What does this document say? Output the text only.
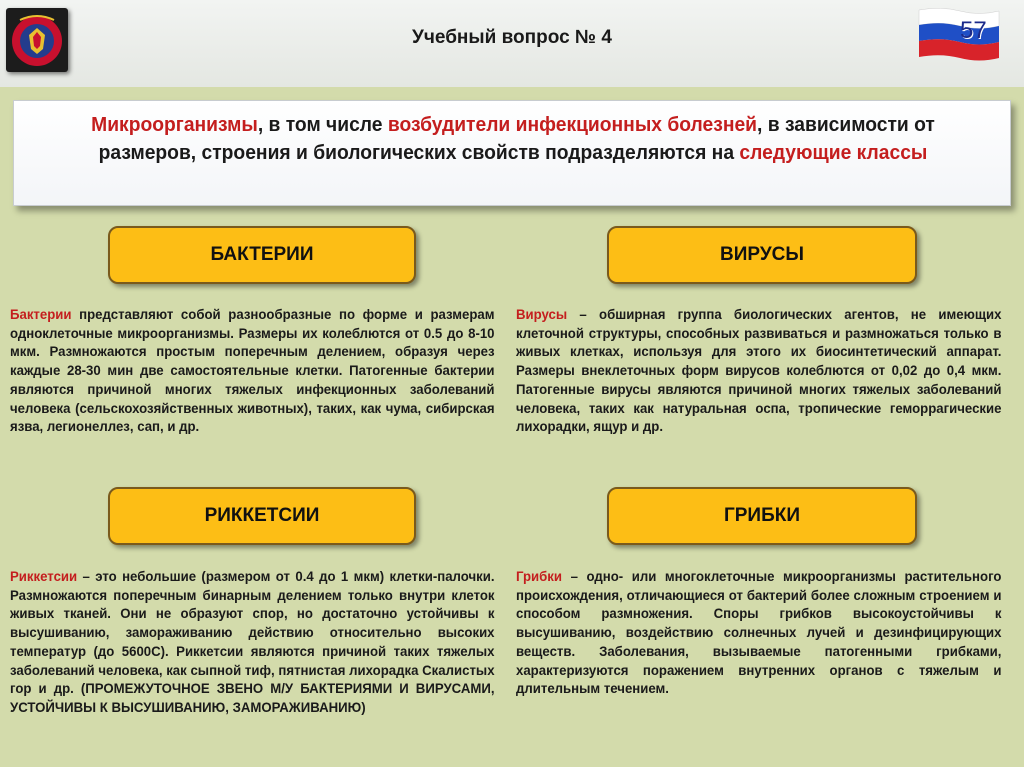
Учебный вопрос № 4	57

Микроорганизмы, в том числе возбудители инфекционных болезней, в зависимости от размеров, строения и биологических свойств подразделяются на следующие классы

БАКТЕРИИ

Бактерии представляют собой разнообразные по форме и размерам одноклеточные микроорганизмы. Размеры их колеблются от 0.5 до 8-10 мкм. Размножаются простым поперечным делением, образуя через каждые 28-30 мин две самостоятельные клетки. Патогенные бактерии являются причиной многих тяжелых инфекционных заболеваний человека (сельскохозяйственных животных), таких, как чума, сибирская язва, легионеллез, сап, и др.

ВИРУСЫ

Вирусы – обширная группа биологических агентов, не имеющих клеточной структуры, способных развиваться и размножаться только в живых клетках, используя для этого их биосинтетический аппарат. Размеры внеклеточных форм вирусов колеблются от 0,02 до 0,4 мкм. Патогенные вирусы являются причиной многих тяжелых заболеваний человека, таких как натуральная оспа, тропические геморрагические лихорадки, ящур и др.

РИККЕТСИИ

Риккетсии – это небольшие (размером от 0.4 до 1 мкм) клетки-палочки. Размножаются поперечным бинарным делением только внутри клеток живых тканей. Они не образуют спор, но достаточно устойчивы к высушиванию, замораживанию действию относительно высоких температур (до 5600С). Риккетсии являются причиной таких тяжелых заболеваний человека, как сыпной тиф, пятнистая лихорадка Скалистых гор и др. (ПРОМЕЖУТОЧНОЕ ЗВЕНО М/У БАКТЕРИЯМИ И ВИРУСАМИ, УСТОЙЧИВЫ К ВЫСУШИВАНИЮ, ЗАМОРАЖИВАНИЮ)

ГРИБКИ

Грибки – одно- или многоклеточные микроорганизмы растительного происхождения, отличающиеся от бактерий более сложным строением и способом размножения. Споры грибков высокоустойчивы к высушиванию, воздействию солнечных лучей и дезинфицирующих веществ. Заболевания, вызываемые патогенными грибками, характеризуются поражением внутренних органов с тяжелым и длительным течением.
